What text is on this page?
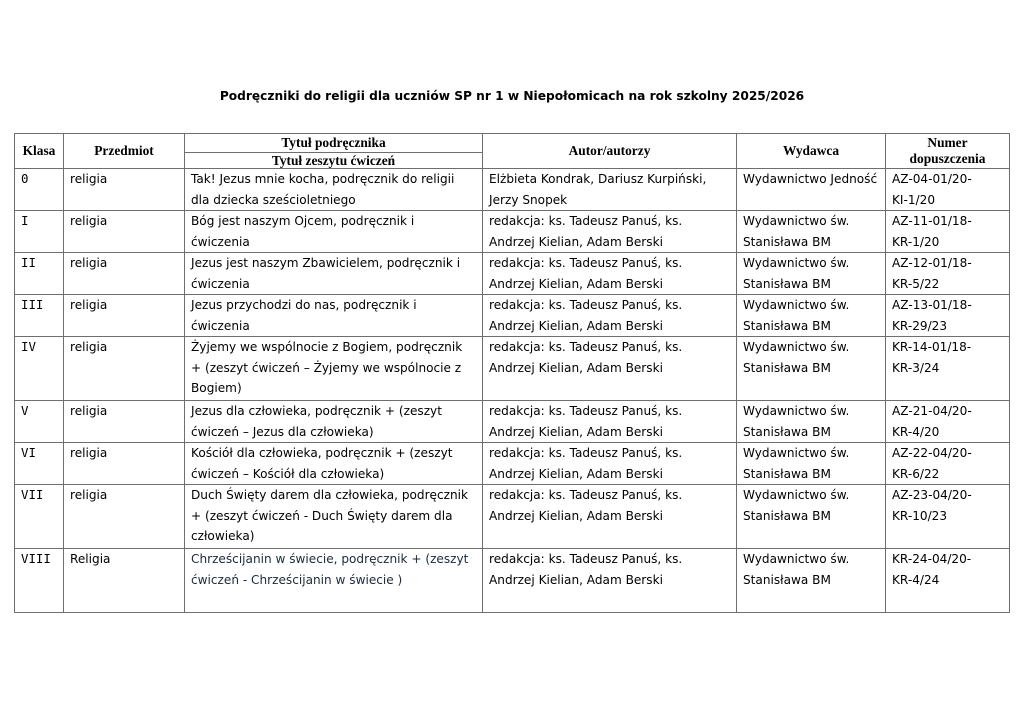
Podręczniki do religii dla uczniów SP nr 1 w Niepołomicach na rok szkolny 2025/2026
Klasa	Przedmiot	Tytuł podręcznika	Autor/autorzy	Wydawca	Numer
dopuszczenia

		Tytuł zeszytu ćwiczeń			
0	religia	Tak! Jezus mnie kocha, podręcznik do religii dla dziecka sześcioletniego	Elżbieta Kondrak, Dariusz Kurpiński, Jerzy Snopek	Wydawnictwo Jedność	AZ-04-01/20-
KI-1/20

I	religia	Bóg jest naszym Ojcem, podręcznik i ćwiczenia	redakcja: ks. Tadeusz Panuś, ks. Andrzej Kielian, Adam Berski	Wydawnictwo św. Stanisława BM	AZ-11-01/18-
KR-1/20

II	religia	Jezus jest naszym Zbawicielem, podręcznik i ćwiczenia	redakcja: ks. Tadeusz Panuś, ks. Andrzej Kielian, Adam Berski	Wydawnictwo św. Stanisława BM	AZ-12-01/18-
KR-5/22

III	religia	Jezus przychodzi do nas, podręcznik i ćwiczenia	redakcja: ks. Tadeusz Panuś, ks. Andrzej Kielian, Adam Berski	Wydawnictwo św. Stanisława BM	AZ-13-01/18-
KR-29/23

IV	religia	Żyjemy we wspólnocie z Bogiem, podręcznik + (zeszyt ćwiczeń – Żyjemy we wspólnocie z Bogiem)	redakcja: ks. Tadeusz Panuś, ks. Andrzej Kielian, Adam Berski	Wydawnictwo św. Stanisława BM	KR-14-01/18-
KR-3/24

V	religia	Jezus dla człowieka, podręcznik + (zeszyt ćwiczeń – Jezus dla człowieka)	redakcja: ks. Tadeusz Panuś, ks. Andrzej Kielian, Adam Berski	Wydawnictwo św. Stanisława BM	AZ-21-04/20-
KR-4/20

VI	religia	Kościół dla człowieka, podręcznik + (zeszyt ćwiczeń – Kościół dla człowieka)	redakcja: ks. Tadeusz Panuś, ks. Andrzej Kielian, Adam Berski	Wydawnictwo św. Stanisława BM	AZ-22-04/20-
KR-6/22

VII	religia	Duch Święty darem dla człowieka, podręcznik + (zeszyt ćwiczeń - Duch Święty darem dla człowieka)	redakcja: ks. Tadeusz Panuś, ks. Andrzej Kielian, Adam Berski	Wydawnictwo św. Stanisława BM	AZ-23-04/20-
KR-10/23

VIII	Religia	Chrześcijanin w świecie, podręcznik + (zeszyt ćwiczeń - Chrześcijanin w świecie )	redakcja: ks. Tadeusz Panuś, ks. Andrzej Kielian, Adam Berski	Wydawnictwo św. Stanisława BM	KR-24-04/20-
KR-4/24
